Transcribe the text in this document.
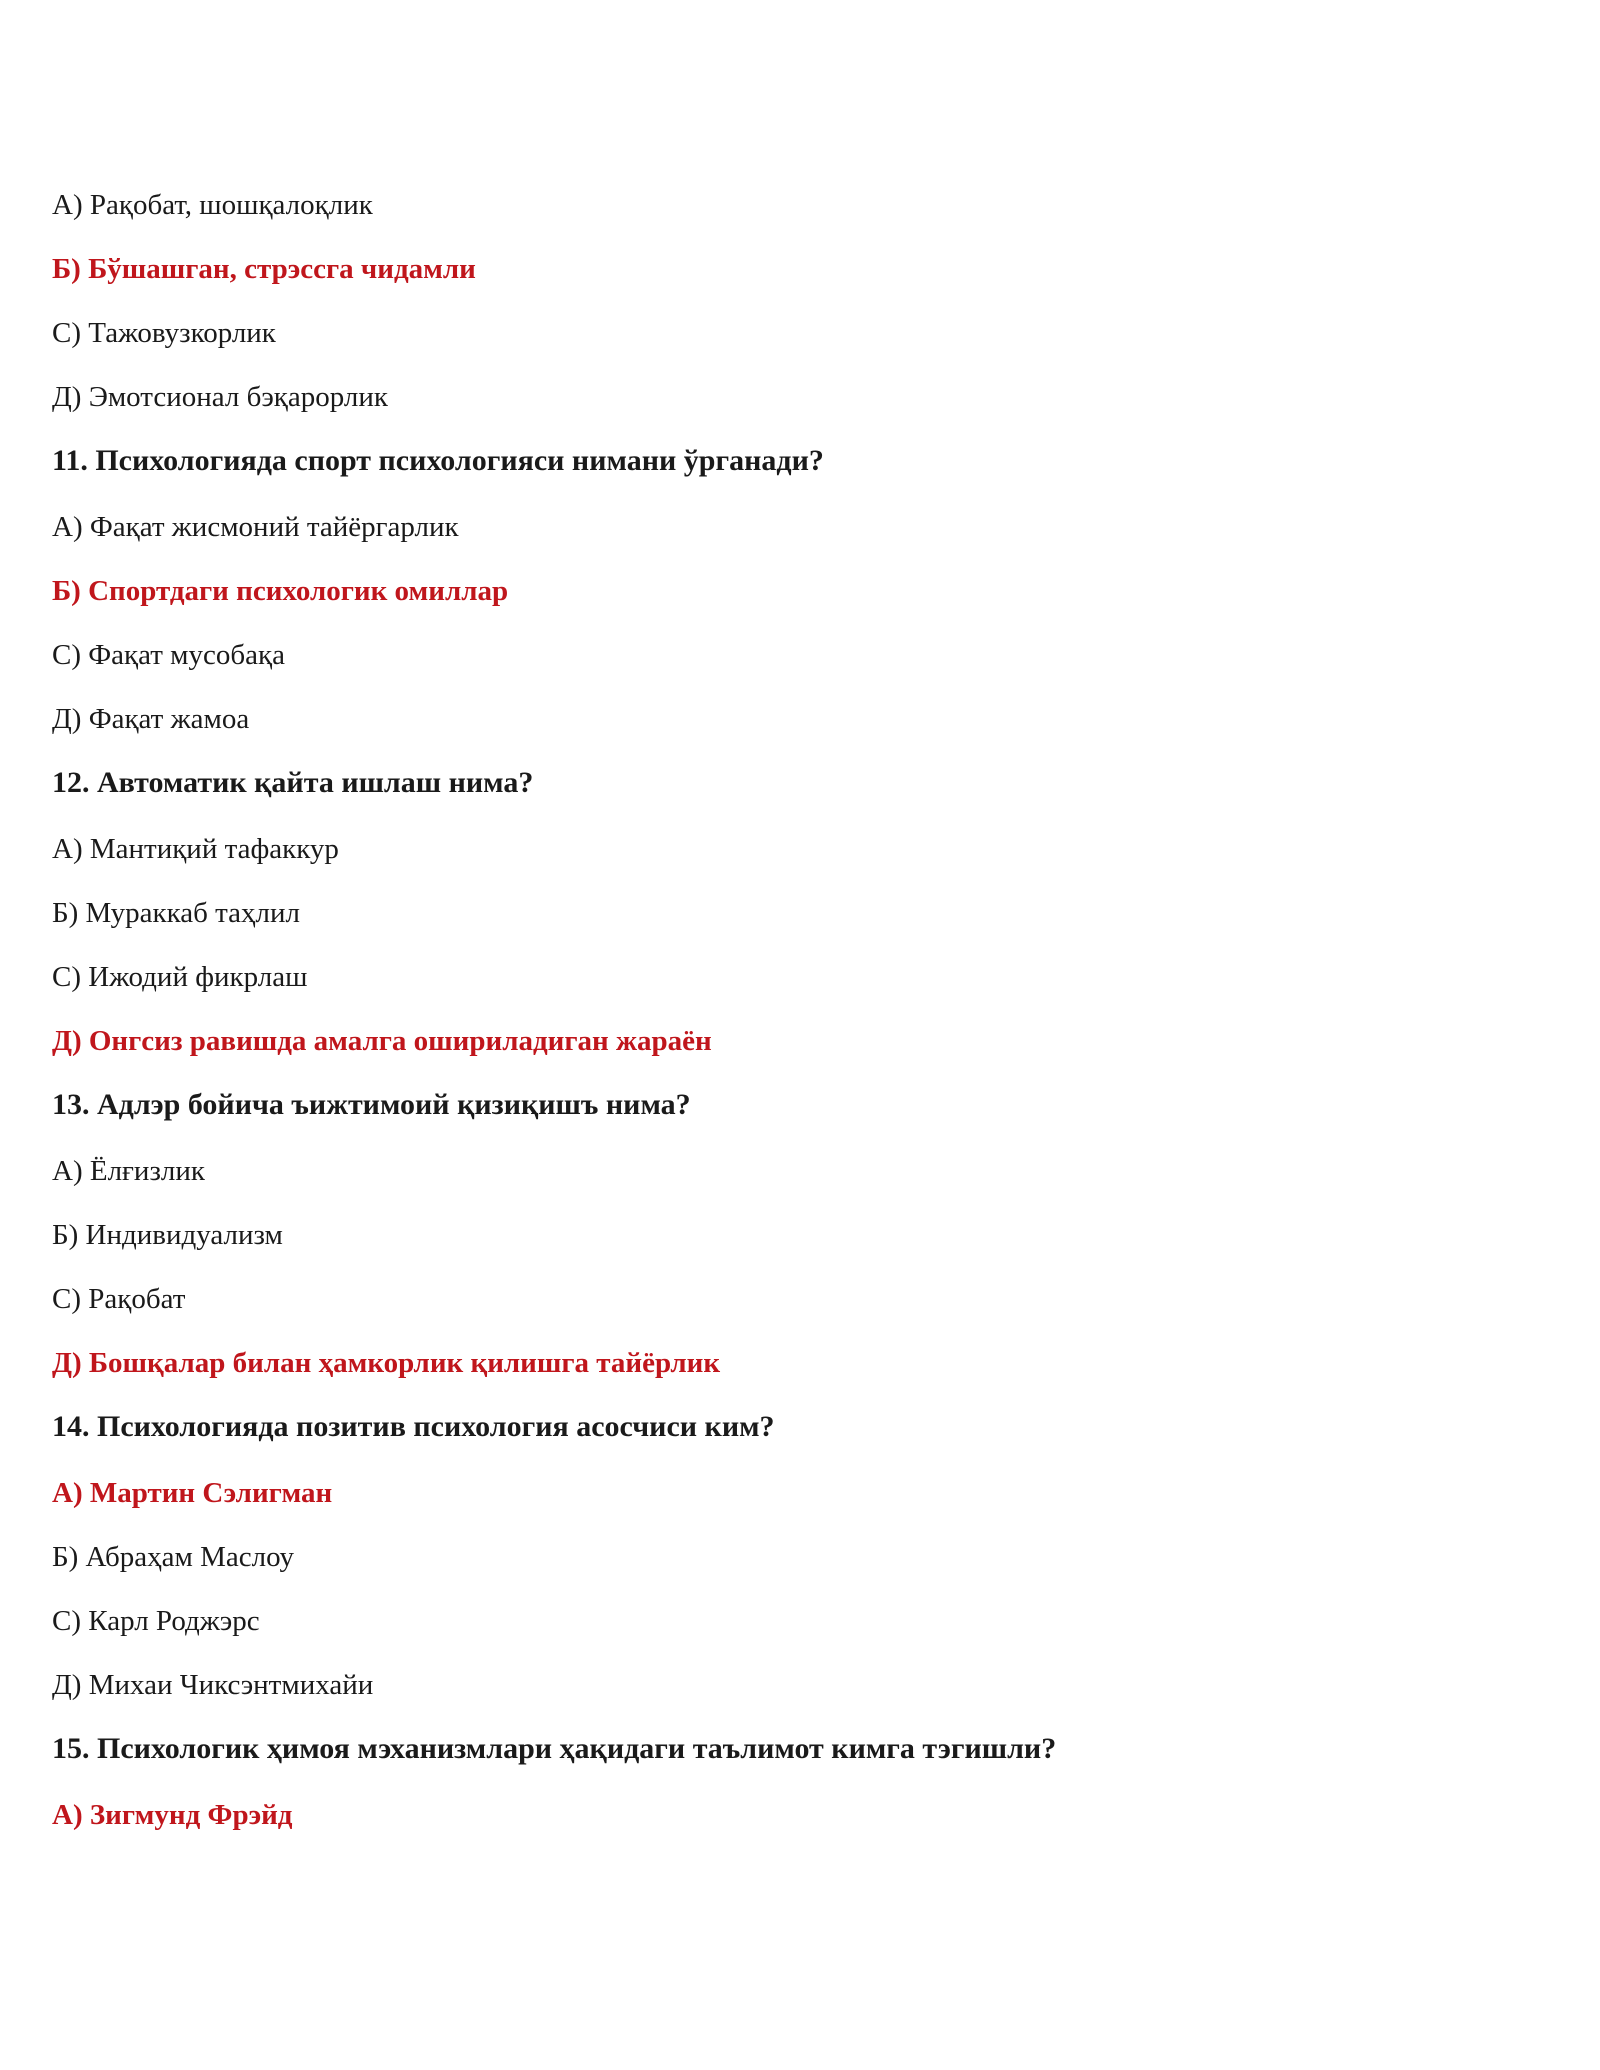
А) Рақобат, шошқалоқлик
Б) Бўшашган, стрэссга чидамли
С) Тажовузкорлик
Д) Эмотсионал бэқарорлик
11. Психологияда спорт психологияси нимани ўрганади?
А) Фақат жисмоний тайёргарлик
Б) Спортдаги психологик омиллар
С) Фақат мусобақа
Д) Фақат жамоа
12. Автоматик қайта ишлаш нима?
А) Мантиқий тафаккур
Б) Мураккаб таҳлил
С) Ижодий фикрлаш
Д) Онгсиз равишда амалга ошириладиган жараён
13. Адлэр бойича ъижтимоий қизиқишъ нима?
А) Ёлғизлик
Б) Индивидуализм
С) Рақобат
Д) Бошқалар билан ҳамкорлик қилишга тайёрлик
14. Психологияда позитив психология асосчиси ким?
А) Мартин Сэлигман
Б) Абраҳам Маслоу
С) Карл Роджэрс
Д) Михаи Чиксэнтмихайи
15. Психологик ҳимоя мэханизмлари ҳақидаги таълимот кимга тэгишли?
А) Зигмунд Фрэйд
